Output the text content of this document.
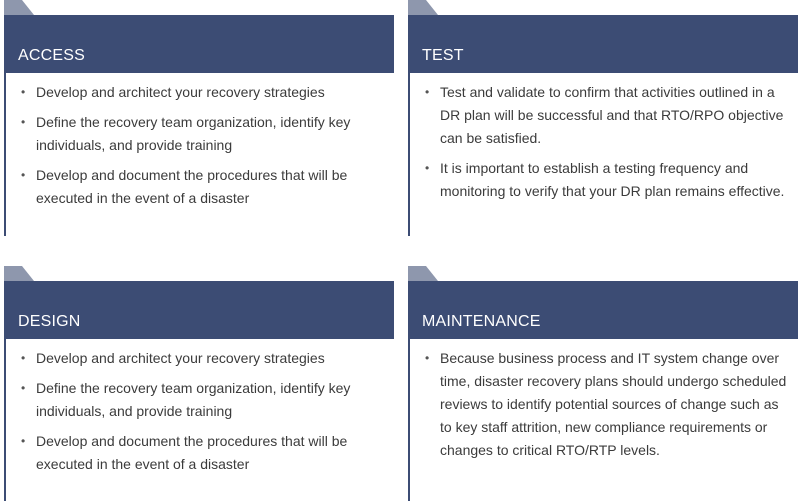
ACCESS
• Develop and architect your recovery strategies
• Define the recovery team organization, identify key individuals, and provide training
• Develop and document the procedures that will be executed in the event of a disaster
TEST
• Test and validate to confirm that activities outlined in a DR plan will be successful and that RTO/RPO objective can be satisfied.
• It is important to establish a testing frequency and monitoring to verify that your DR plan remains effective.
DESIGN
• Develop and architect your recovery strategies
• Define the recovery team organization, identify key individuals, and provide training
• Develop and document the procedures that will be executed in the event of a disaster
MAINTENANCE
• Because business process and IT system change over time, disaster recovery plans should undergo scheduled reviews to identify potential sources of change such as to key staff attrition, new compliance requirements or changes to critical RTO/RTP levels.
